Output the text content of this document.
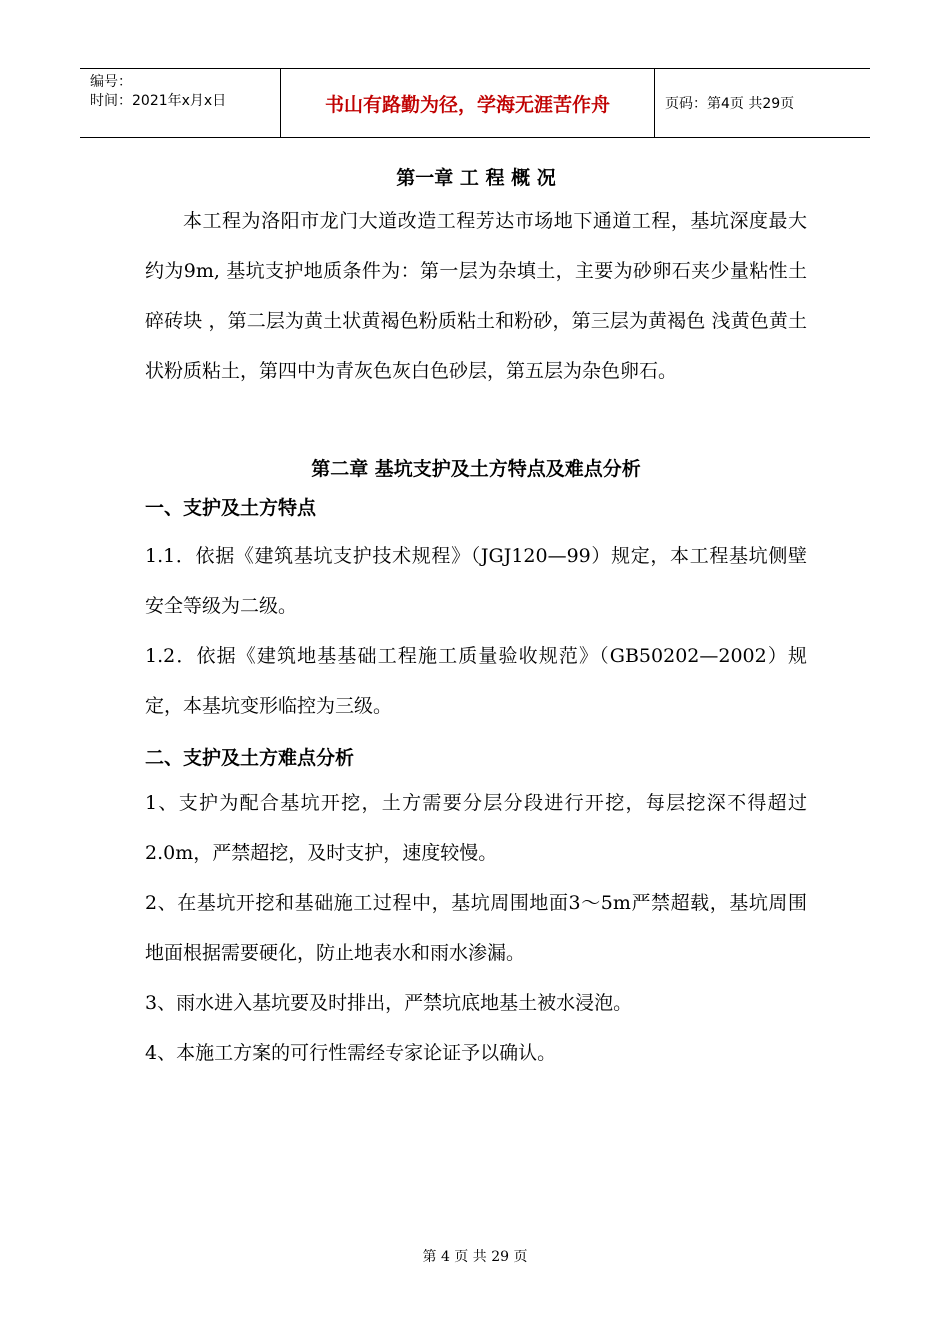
编号：
时间：2021年x月x日	书山有路勤为径，学海无涯苦作舟	页码：第4页 共29页
第一章 工 程 概 况

本工程为洛阳市龙门大道改造工程芳达市场地下通道工程，基坑深度最大约为9m, 基坑支护地质条件为：第一层为杂填土，主要为砂卵石夹少量粘性土 碎砖块 ，第二层为黄土状黄褐色粉质粘土和粉砂，第三层为黄褐色 浅黄色黄土状粉质粘土，第四中为青灰色灰白色砂层，第五层为杂色卵石。

第二章 基坑支护及土方特点及难点分析

一、支护及土方特点

1.1．依据《建筑基坑支护技术规程》（JGJ120—99）规定，本工程基坑侧壁安全等级为二级。

1.2．依据《建筑地基基础工程施工质量验收规范》（GB50202—2002）规定，本基坑变形临控为三级。

二、支护及土方难点分析

1、支护为配合基坑开挖，土方需要分层分段进行开挖，每层挖深不得超过2.0m，严禁超挖，及时支护，速度较慢。

2、在基坑开挖和基础施工过程中，基坑周围地面3～5m严禁超载，基坑周围地面根据需要硬化，防止地表水和雨水渗漏。

3、雨水进入基坑要及时排出，严禁坑底地基土被水浸泡。

4、本施工方案的可行性需经专家论证予以确认。

第 4 页 共 29 页
